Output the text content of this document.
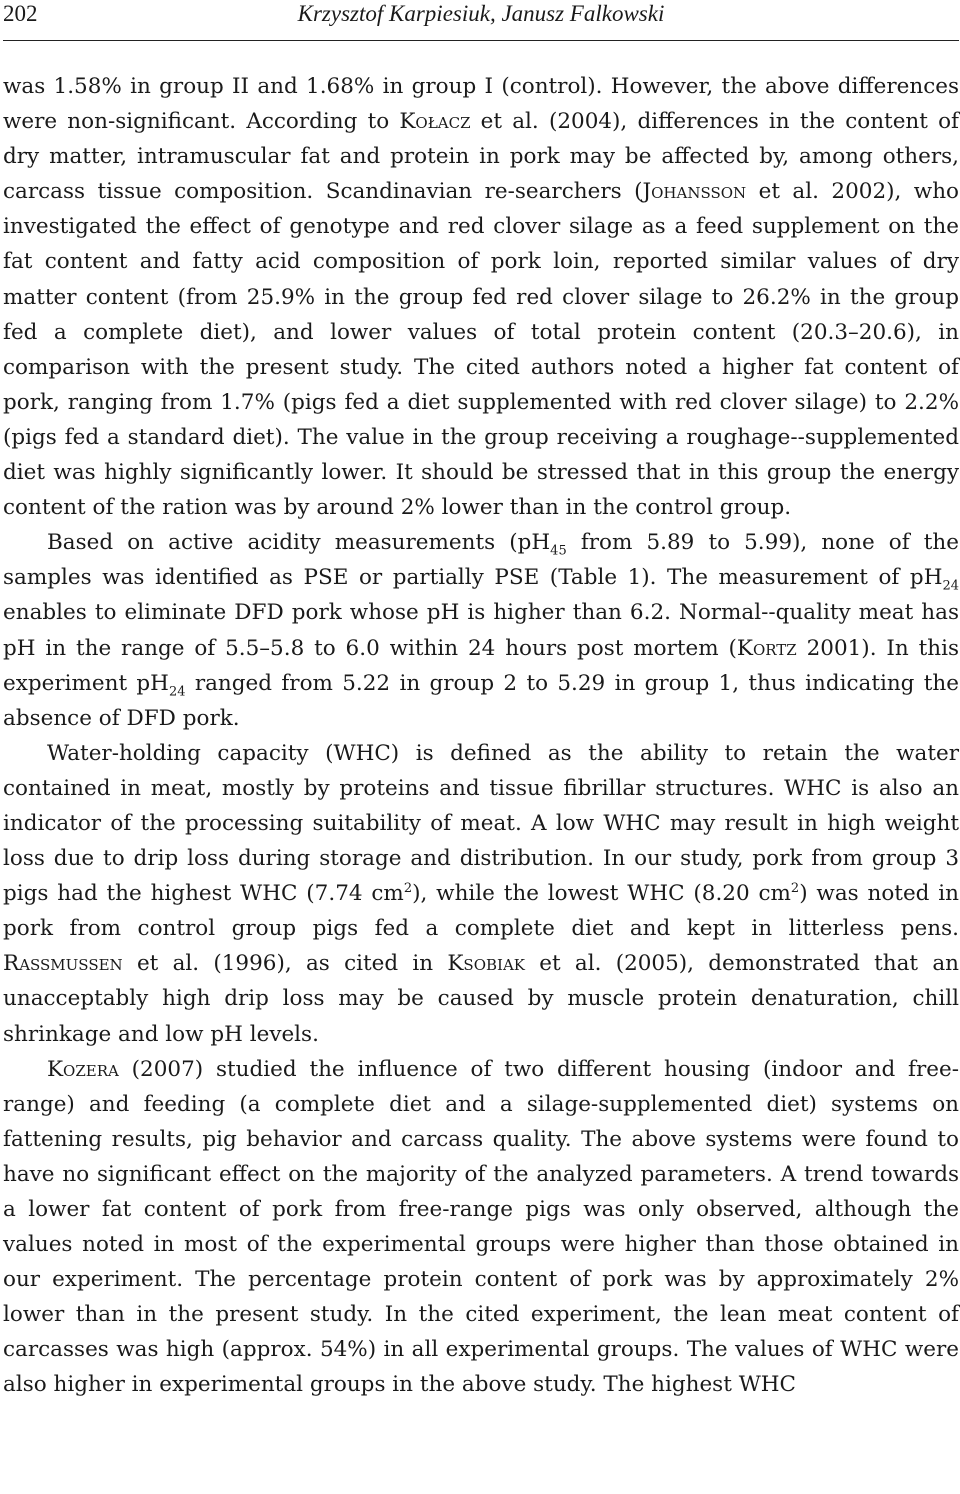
202	Krzysztof Karpiesiuk, Janusz Falkowski

was 1.58% in group II and 1.68% in group I (control). However, the above differences were non-significant. According to Kołacz et al. (2004), differences in the content of dry matter, intramuscular fat and protein in pork may be affected by, among others, carcass tissue composition. Scandinavian re-searchers (Johansson et al. 2002), who investigated the effect of genotype and red clover silage as a feed supplement on the fat content and fatty acid composition of pork loin, reported similar values of dry matter content (from 25.9% in the group fed red clover silage to 26.2% in the group fed a complete diet), and lower values of total protein content (20.3–20.6), in comparison with the present study. The cited authors noted a higher fat content of pork, ranging from 1.7% (pigs fed a diet supplemented with red clover silage) to 2.2% (pigs fed a standard diet). The value in the group receiving a roughage--supplemented diet was highly significantly lower. It should be stressed that in this group the energy content of the ration was by around 2% lower than in the control group.

Based on active acidity measurements ($pH_{45}$ from 5.89 to 5.99), none of the samples was identified as PSE or partially PSE (Table 1). The measurement of $pH_{24}$ enables to eliminate DFD pork whose pH is higher than 6.2. Normal--quality meat has pH in the range of 5.5–5.8 to 6.0 within 24 hours post mortem (Kortz 2001). In this experiment $pH_{24}$ ranged from 5.22 in group 2 to 5.29 in group 1, thus indicating the absence of DFD pork.

Water-holding capacity (WHC) is defined as the ability to retain the water contained in meat, mostly by proteins and tissue fibrillar structures. WHC is also an indicator of the processing suitability of meat. A low WHC may result in high weight loss due to drip loss during storage and distribution. In our study, pork from group 3 pigs had the highest WHC (7.74 $cm^2$), while the lowest WHC (8.20 $cm^2$) was noted in pork from control group pigs fed a complete diet and kept in litterless pens. Rassmussen et al. (1996), as cited in Ksobiak et al. (2005), demonstrated that an unacceptably high drip loss may be caused by muscle protein denaturation, chill shrinkage and low pH levels.

Kozera (2007) studied the influence of two different housing (indoor and free-range) and feeding (a complete diet and a silage-supplemented diet) systems on fattening results, pig behavior and carcass quality. The above systems were found to have no significant effect on the majority of the analyzed parameters. A trend towards a lower fat content of pork from free-range pigs was only observed, although the values noted in most of the experimental groups were higher than those obtained in our experiment. The percentage protein content of pork was by approximately 2% lower than in the present study. In the cited experiment, the lean meat content of carcasses was high (approx. 54%) in all experimental groups. The values of WHC were also higher in experimental groups in the above study. The highest WHC
